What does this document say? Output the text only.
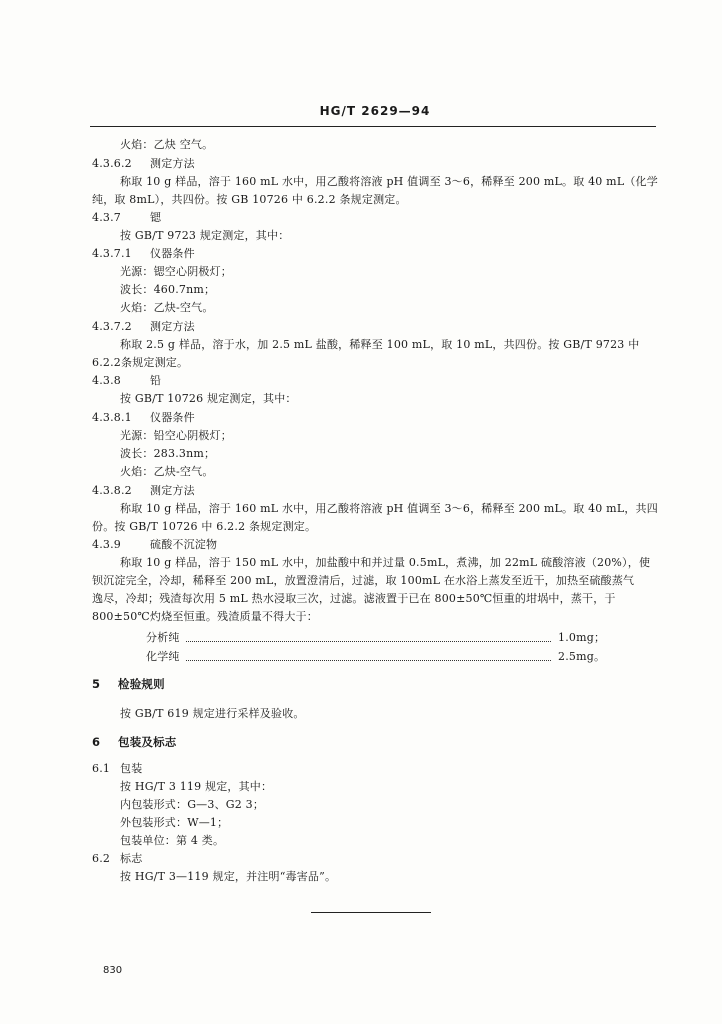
HG/T 2629—94
火焰：乙炔 空气。
4.3.6.2 测定方法
称取 10 g 样品，溶于 160 mL 水中，用乙酸将溶液 pH 值调至 3～6，稀释至 200 mL。取 40 mL（化学
纯，取 8mL），共四份。按 GB 10726 中 6.2.2 条规定测定。
4.3.7	锶
按 GB/T 9723 规定测定，其中：
4.3.7.1 仪器条件
光源：锶空心阴极灯；
波长：460.7nm；
火焰：乙炔-空气。
4.3.7.2 测定方法
称取 2.5 g 样品，溶于水，加 2.5 mL 盐酸，稀释至 100 mL，取 10 mL，共四份。按 GB/T 9723 中
6.2.2条规定测定。
4.3.8	铅
按 GB/T 10726 规定测定，其中：
4.3.8.1 仪器条件
光源：铅空心阴极灯；
波长：283.3nm；
火焰：乙炔-空气。
4.3.8.2 测定方法
称取 10 g 样品，溶于 160 mL 水中，用乙酸将溶液 pH 值调至 3～6，稀释至 200 mL。取 40 mL，共四
份。按 GB/T 10726 中 6.2.2 条规定测定。
4.3.9	硫酸不沉淀物
称取 10 g 样品，溶于 150 mL 水中，加盐酸中和并过量 0.5mL，煮沸，加 22mL 硫酸溶液（20%），使
钡沉淀完全，冷却，稀释至 200 mL，放置澄清后，过滤，取 100mL 在水浴上蒸发至近干，加热至硫酸蒸气
逸尽，冷却；残渣每次用 5 mL 热水浸取三次，过滤。滤液置于已在 800±50℃恒重的坩埚中，蒸干，于
800±50℃灼烧至恒重。残渣质量不得大于：
分析纯	1.0mg；
化学纯	2.5mg。
5 检验规则
按 GB/T 619 规定进行采样及验收。
6 包装及标志
6.1 包装
按 HG/T 3 119 规定，其中：
内包装形式：G—3、G2 3；
外包装形式：W—1；
包装单位：第 4 类。
6.2 标志
按 HG/T 3—119 规定，并注明“毒害品”。
830
